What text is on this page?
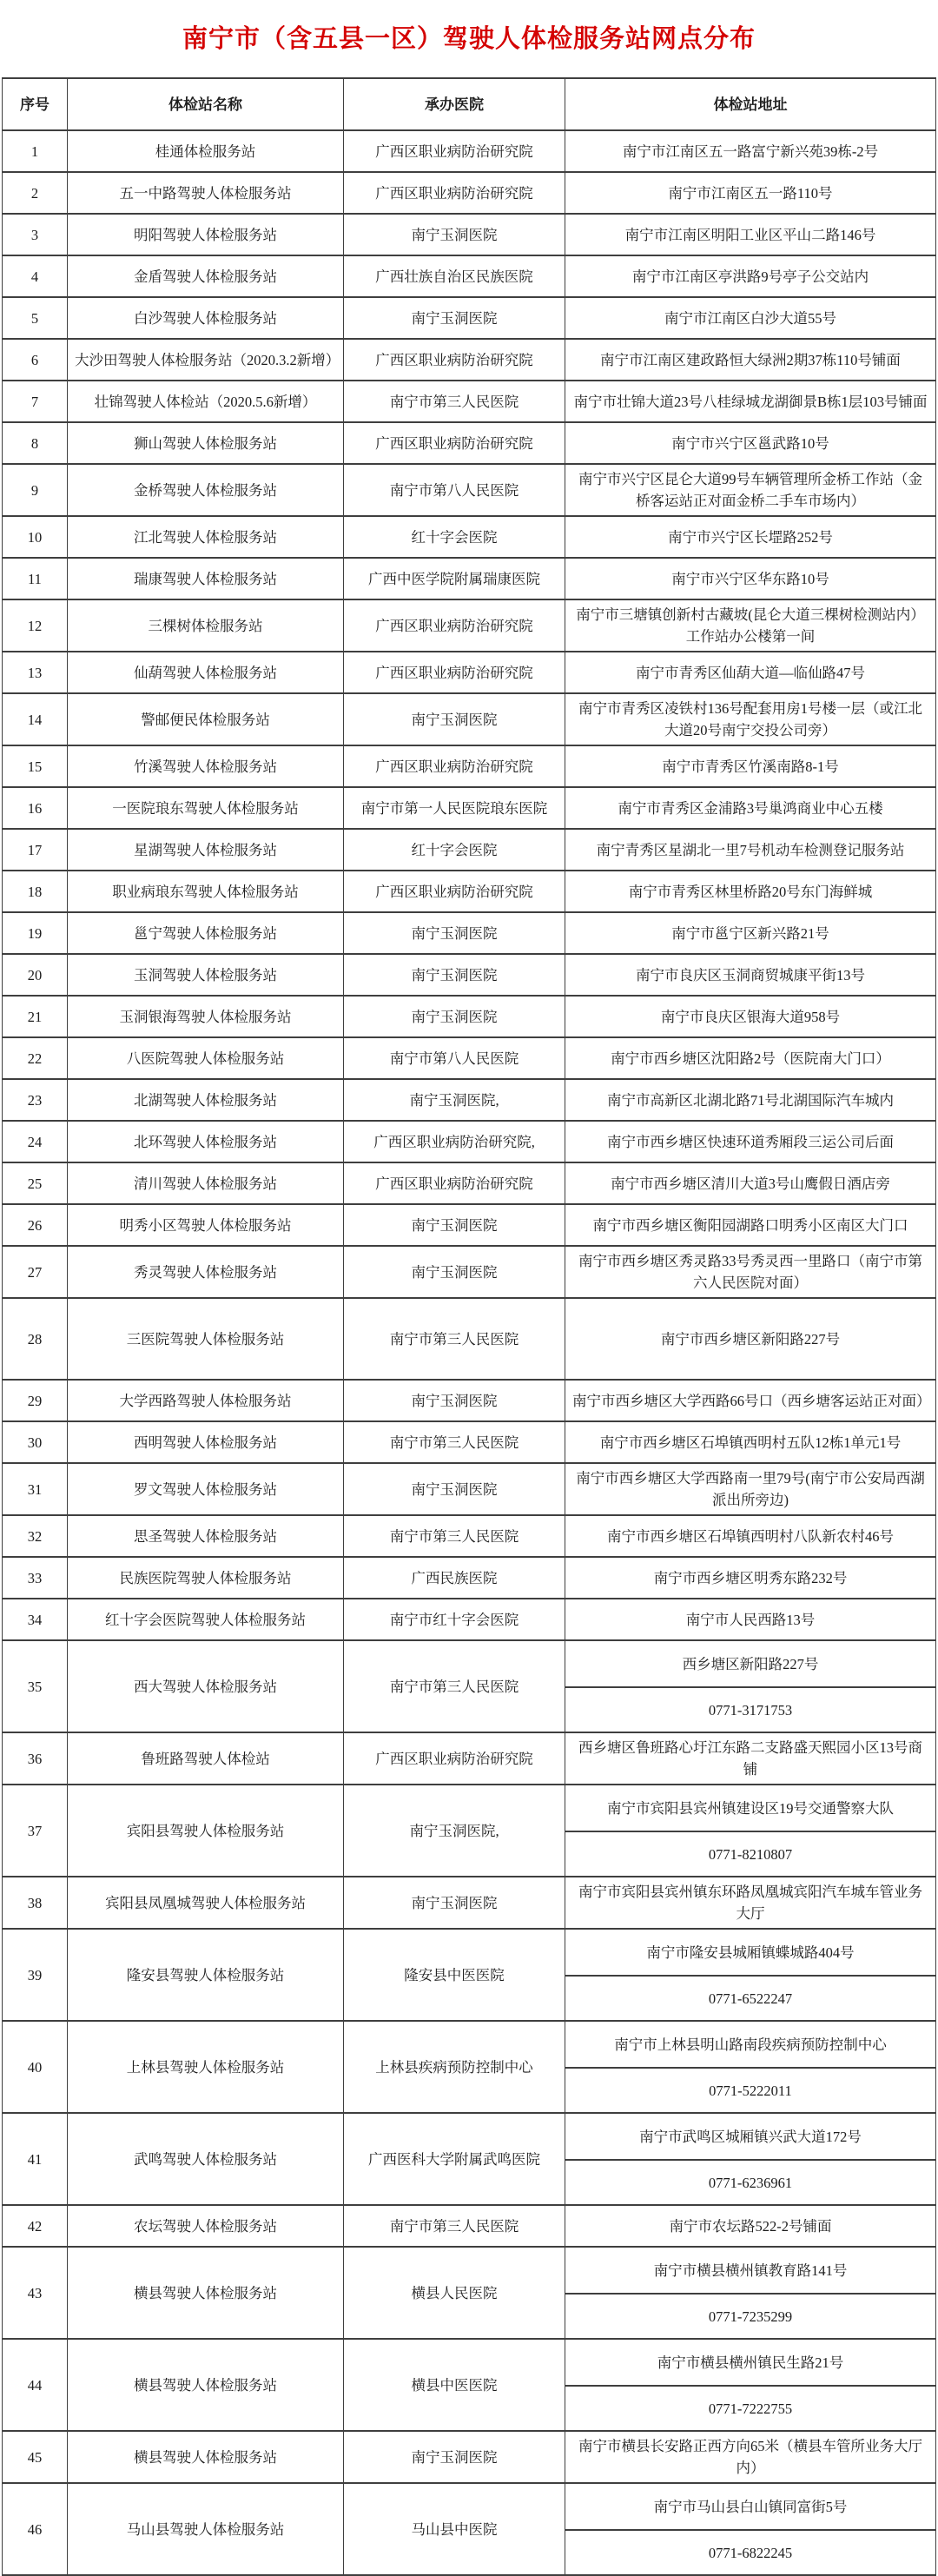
南宁市（含五县一区）驾驶人体检服务站网点分布
序号	体检站名称	承办医院	体检站地址
1	桂通体检服务站	广西区职业病防治研究院	南宁市江南区五一路富宁新兴苑39栋-2号
2	五一中路驾驶人体检服务站	广西区职业病防治研究院	南宁市江南区五一路110号
3	明阳驾驶人体检服务站	南宁玉洞医院	南宁市江南区明阳工业区平山二路146号
4	金盾驾驶人体检服务站	广西壮族自治区民族医院	南宁市江南区亭洪路9号亭子公交站内
5	白沙驾驶人体检服务站	南宁玉洞医院	南宁市江南区白沙大道55号
6	大沙田驾驶人体检服务站（2020.3.2新增）	广西区职业病防治研究院	南宁市江南区建政路恒大绿洲2期37栋110号铺面
7	壮锦驾驶人体检站（2020.5.6新增）	南宁市第三人民医院	南宁市壮锦大道23号八桂绿城龙湖御景B栋1层103号铺面
8	狮山驾驶人体检服务站	广西区职业病防治研究院	南宁市兴宁区邕武路10号
9	金桥驾驶人体检服务站	南宁市第八人民医院	南宁市兴宁区昆仑大道99号车辆管理所金桥工作站（金桥客运站正对面金桥二手车市场内）
10	江北驾驶人体检服务站	红十字会医院	南宁市兴宁区长堽路252号
11	瑞康驾驶人体检服务站	广西中医学院附属瑞康医院	南宁市兴宁区华东路10号
12	三棵树体检服务站	广西区职业病防治研究院	南宁市三塘镇创新村古藏坡(昆仑大道三棵树检测站内）工作站办公楼第一间
13	仙葫驾驶人体检服务站	广西区职业病防治研究院	南宁市青秀区仙葫大道—临仙路47号
14	警邮便民体检服务站	南宁玉洞医院	南宁市青秀区凌铁村136号配套用房1号楼一层（或江北大道20号南宁交投公司旁）
15	竹溪驾驶人体检服务站	广西区职业病防治研究院	南宁市青秀区竹溪南路8-1号
16	一医院琅东驾驶人体检服务站	南宁市第一人民医院琅东医院	南宁市青秀区金浦路3号巢鸿商业中心五楼
17	星湖驾驶人体检服务站	红十字会医院	南宁青秀区星湖北一里7号机动车检测登记服务站
18	职业病琅东驾驶人体检服务站	广西区职业病防治研究院	南宁市青秀区林里桥路20号东门海鲜城
19	邕宁驾驶人体检服务站	南宁玉洞医院	南宁市邕宁区新兴路21号
20	玉洞驾驶人体检服务站	南宁玉洞医院	南宁市良庆区玉洞商贸城康平街13号
21	玉洞银海驾驶人体检服务站	南宁玉洞医院	南宁市良庆区银海大道958号
22	八医院驾驶人体检服务站	南宁市第八人民医院	南宁市西乡塘区沈阳路2号（医院南大门口）
23	北湖驾驶人体检服务站	南宁玉洞医院,	南宁市高新区北湖北路71号北湖国际汽车城内
24	北环驾驶人体检服务站	广西区职业病防治研究院,	南宁市西乡塘区快速环道秀厢段三运公司后面
25	清川驾驶人体检服务站	广西区职业病防治研究院	南宁市西乡塘区清川大道3号山鹰假日酒店旁
26	明秀小区驾驶人体检服务站	南宁玉洞医院	南宁市西乡塘区衡阳园湖路口明秀小区南区大门口
27	秀灵驾驶人体检服务站	南宁玉洞医院	南宁市西乡塘区秀灵路33号秀灵西一里路口（南宁市第六人民医院对面）
28	三医院驾驶人体检服务站	南宁市第三人民医院	南宁市西乡塘区新阳路227号
29	大学西路驾驶人体检服务站	南宁玉洞医院	南宁市西乡塘区大学西路66号口（西乡塘客运站正对面）
30	西明驾驶人体检服务站	南宁市第三人民医院	南宁市西乡塘区石埠镇西明村五队12栋1单元1号
31	罗文驾驶人体检服务站	南宁玉洞医院	南宁市西乡塘区大学西路南一里79号(南宁市公安局西湖派出所旁边)
32	思圣驾驶人体检服务站	南宁市第三人民医院	南宁市西乡塘区石埠镇西明村八队新农村46号
33	民族医院驾驶人体检服务站	广西民族医院	南宁市西乡塘区明秀东路232号
34	红十字会医院驾驶人体检服务站	南宁市红十字会医院	南宁市人民西路13号
35	西大驾驶人体检服务站	南宁市第三人民医院	西乡塘区新阳路227号
0771-3171753

36	鲁班路驾驶人体检站	广西区职业病防治研究院	西乡塘区鲁班路心圩江东路二支路盛天熙园小区13号商铺
37	宾阳县驾驶人体检服务站	南宁玉洞医院,	南宁市宾阳县宾州镇建设区19号交通警察大队
0771-8210807

38	宾阳县凤凰城驾驶人体检服务站	南宁玉洞医院	南宁市宾阳县宾州镇东环路凤凰城宾阳汽车城车管业务大厅
39	隆安县驾驶人体检服务站	隆安县中医医院	南宁市隆安县城厢镇蝶城路404号
0771-6522247

40	上林县驾驶人体检服务站	上林县疾病预防控制中心	南宁市上林县明山路南段疾病预防控制中心
0771-5222011

41	武鸣驾驶人体检服务站	广西医科大学附属武鸣医院	南宁市武鸣区城厢镇兴武大道172号
0771-6236961

42	农坛驾驶人体检服务站	南宁市第三人民医院	南宁市农坛路522-2号铺面
43	横县驾驶人体检服务站	横县人民医院	南宁市横县横州镇教育路141号
0771-7235299

44	横县驾驶人体检服务站	横县中医医院	南宁市横县横州镇民生路21号
0771-7222755

45	横县驾驶人体检服务站	南宁玉洞医院	南宁市横县长安路正西方向65米（横县车管所业务大厅内）
46	马山县驾驶人体检服务站	马山县中医院	南宁市马山县白山镇同富街5号
0771-6822245
